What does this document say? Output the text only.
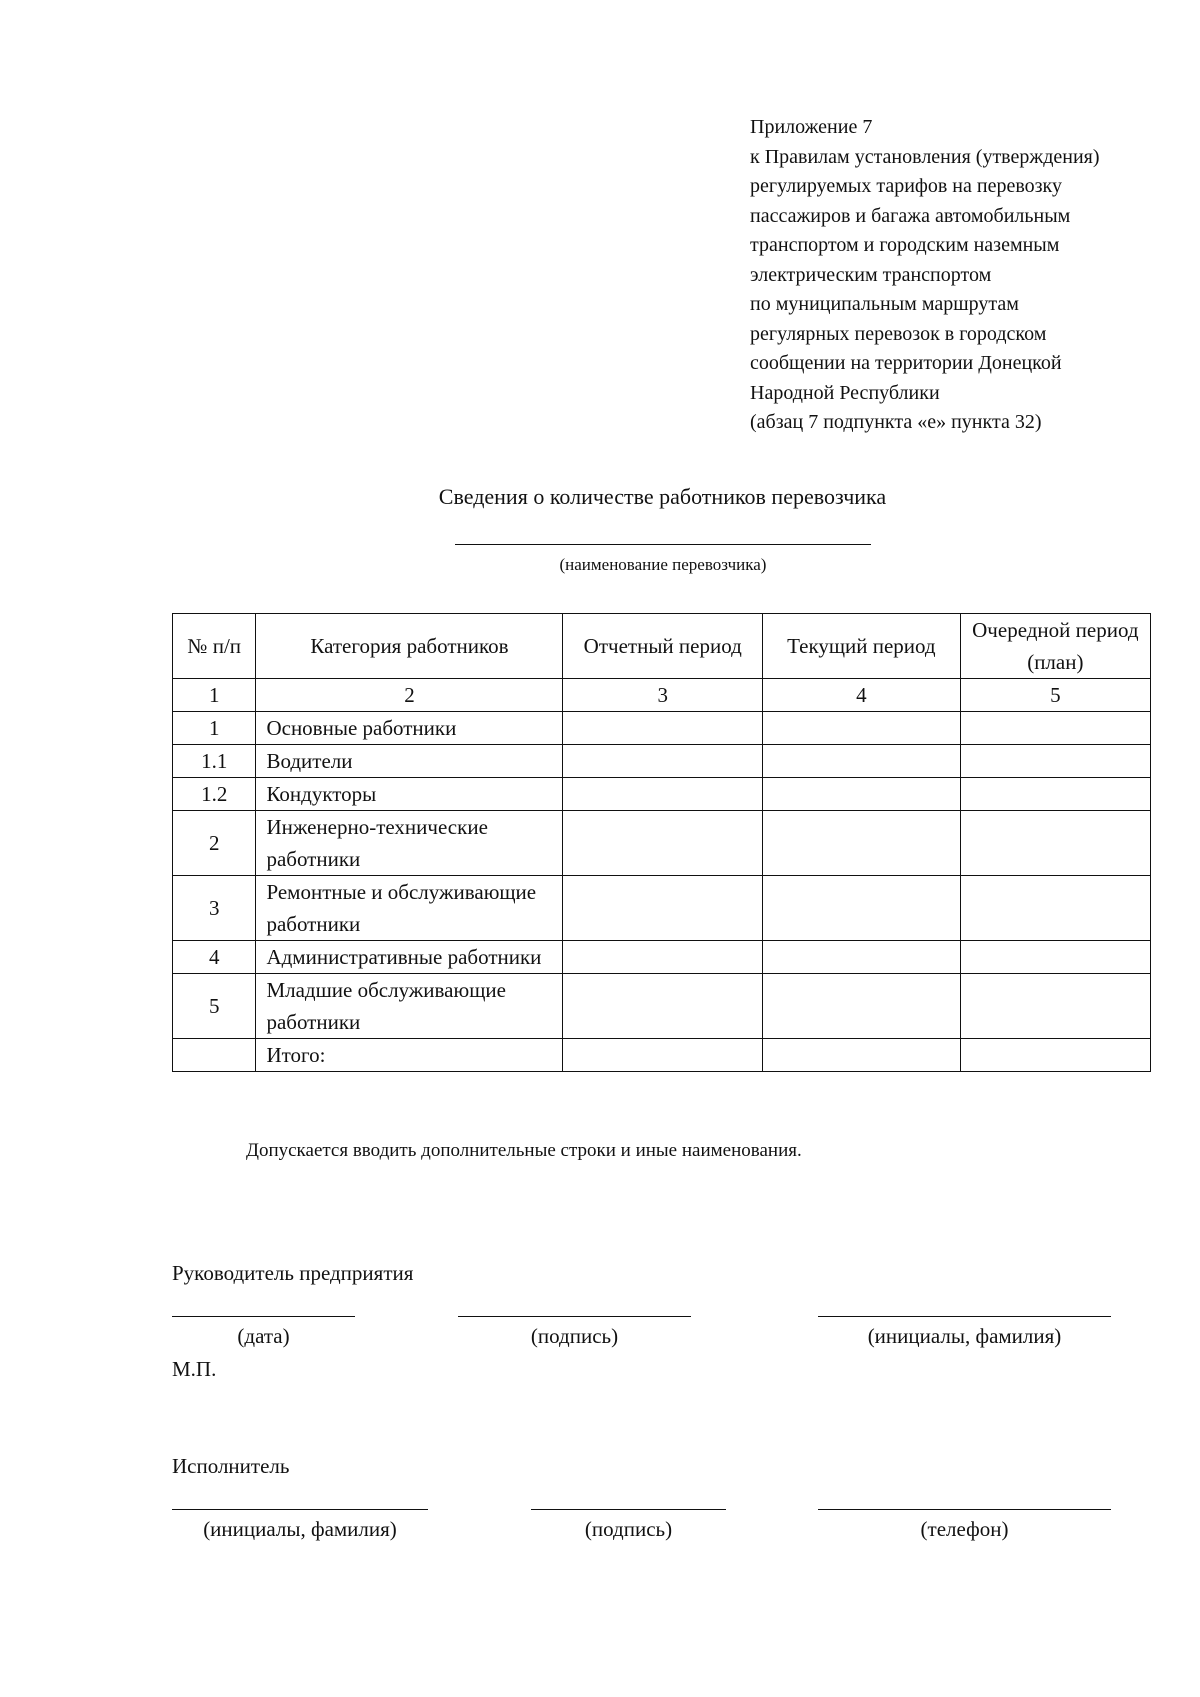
Приложение 7
к Правилам установления (утверждения)
регулируемых тарифов на перевозку
пассажиров и багажа автомобильным
транспортом и городским наземным
электрическим транспортом
по муниципальным маршрутам
регулярных перевозок в городском
сообщении на территории Донецкой
Народной Республики
(абзац 7 подпункта «е» пункта 32)
Сведения о количестве работников перевозчика
(наименование перевозчика)
№ п/п	Категория работников	Отчетный период	Текущий период	Очередной период (план)
1	2	3	4	5
1	Основные работники			
1.1	Водители			
1.2	Кондукторы			
2	Инженерно-технические работники			
3	Ремонтные и обслуживающие работники			
4	Административные работники			
5	Младшие обслуживающие работники			
	Итого:			
Допускается вводить дополнительные строки и иные наименования.
Руководитель предприятия
(дата)	(подпись)	(инициалы, фамилия)
М.П.
Исполнитель
(инициалы, фамилия)	(подпись)	(телефон)
